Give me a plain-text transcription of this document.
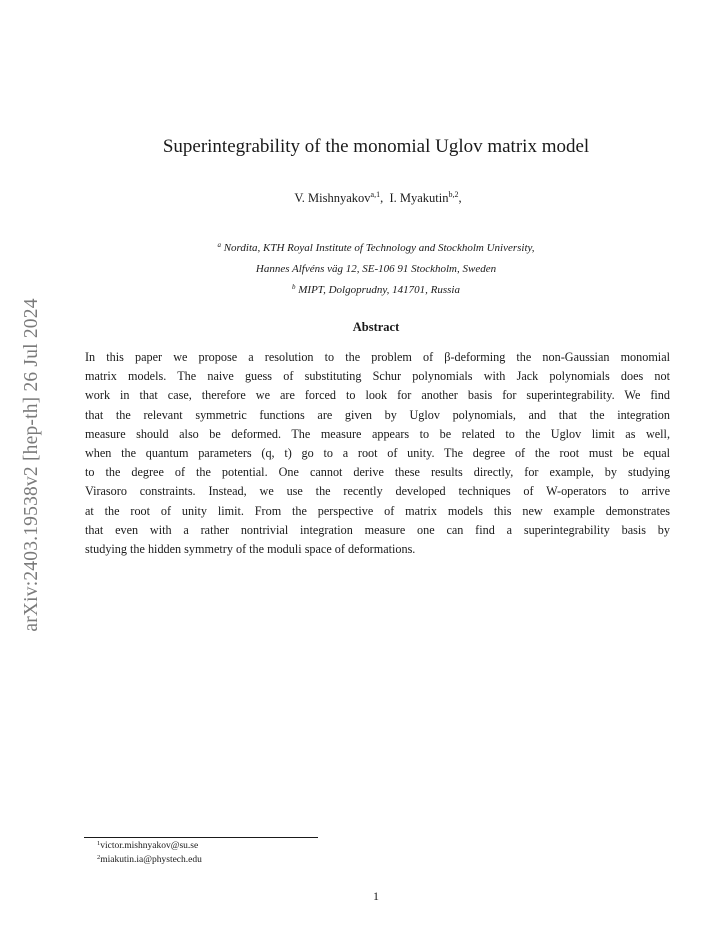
arXiv:2403.19538v2 [hep-th] 26 Jul 2024
Superintegrability of the monomial Uglov matrix model
V. Mishnyakov$^{a,1}$,  I. Myakutin$^{b,2}$,
$^a$ Nordita, KTH Royal Institute of Technology and Stockholm University,
Hannes Alfvéns väg 12, SE-106 91 Stockholm, Sweden
$^b$ MIPT, Dolgoprudny, 141701, Russia
Abstract
In this paper we propose a resolution to the problem of β-deforming the non-Gaussian monomial
matrix models. The naive guess of substituting Schur polynomials with Jack polynomials does not
work in that case, therefore we are forced to look for another basis for superintegrability. We find
that the relevant symmetric functions are given by Uglov polynomials, and that the integration
measure should also be deformed. The measure appears to be related to the Uglov limit as well,
when the quantum parameters (q, t) go to a root of unity. The degree of the root must be equal
to the degree of the potential. One cannot derive these results directly, for example, by studying
Virasoro constraints. Instead, we use the recently developed techniques of W-operators to arrive
at the root of unity limit. From the perspective of matrix models this new example demonstrates
that even with a rather nontrivial integration measure one can find a superintegrability basis by
studying the hidden symmetry of the moduli space of deformations.
$^1$victor.mishnyakov@su.se
$^2$miakutin.ia@phystech.edu
1
